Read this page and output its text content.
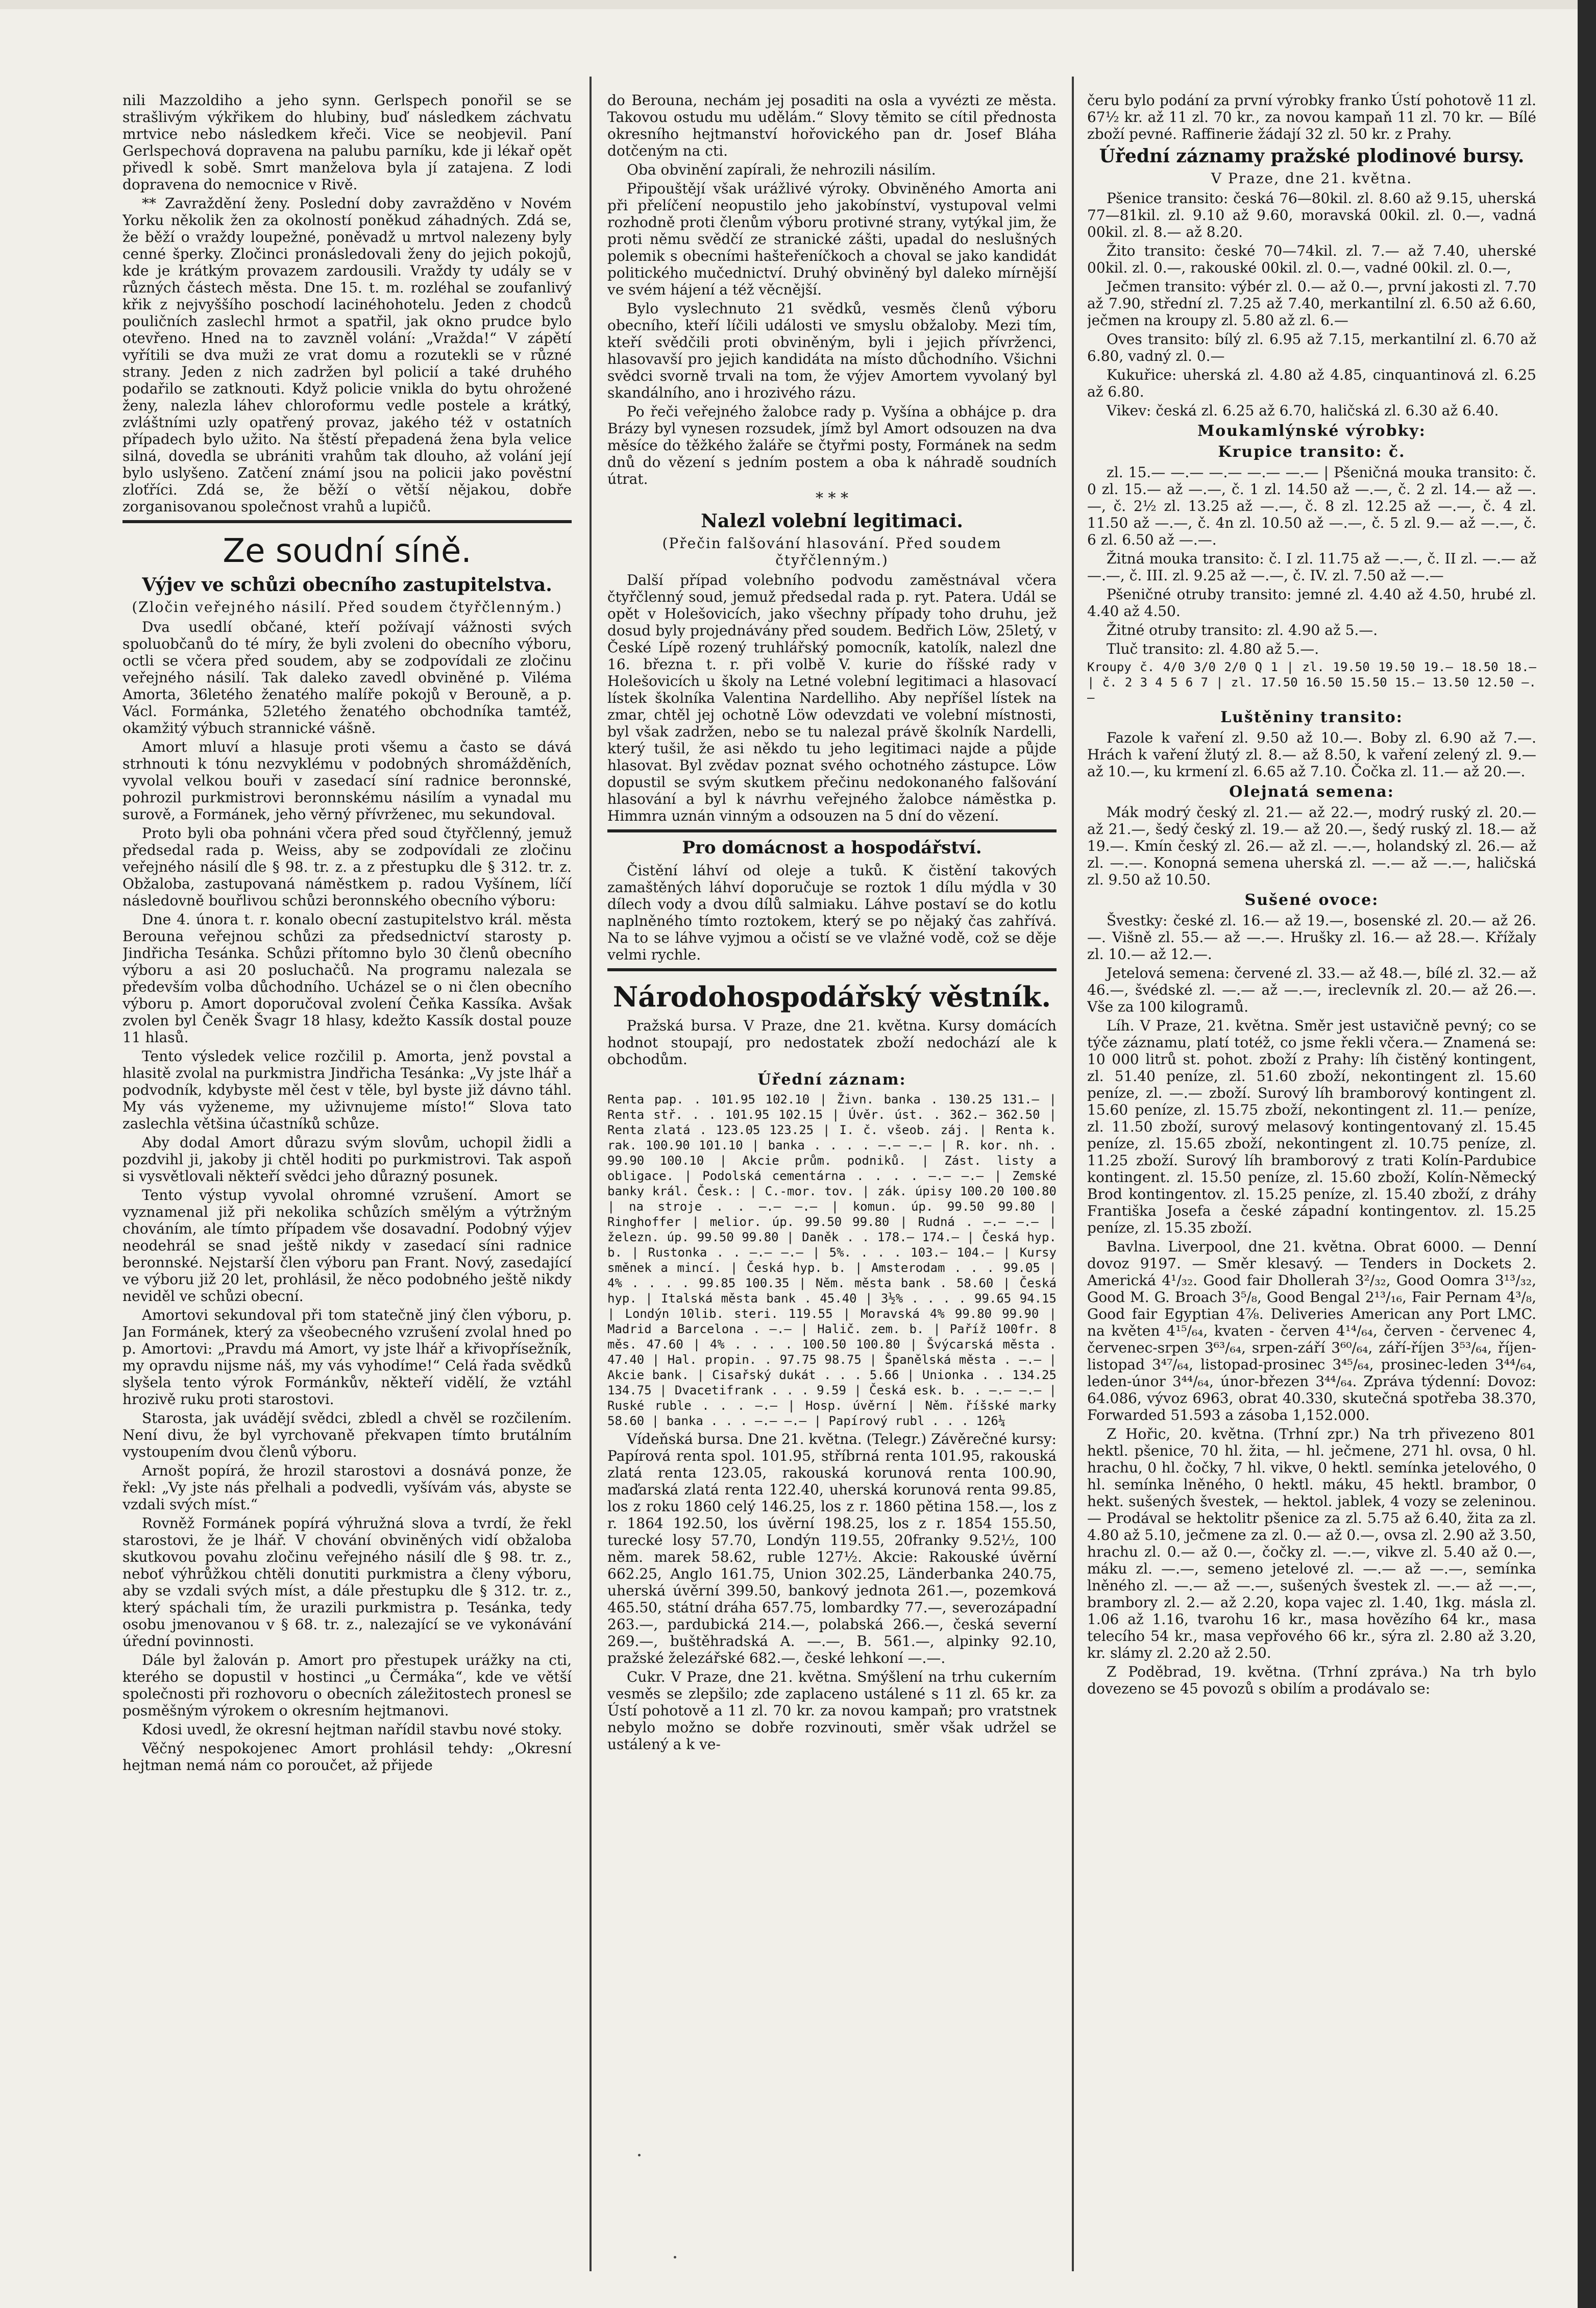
nili Mazzoldiho a jeho synn. Gerlspech ponořil se se strašlivým výkřikem do hlubiny, buď následkem záchvatu mrtvice nebo následkem křeči. Vice se neobjevil. Paní Gerlspechová dopravena na palubu parníku, kde ji lékař opět přivedl k sobě. Smrt manželova byla jí zatajena. Z lodi dopravena do nemocnice v Rivě.

** Zavraždění ženy. Poslední doby zavražděno v Novém Yorku několik žen za okolností poněkud záhadných. Zdá se, že běží o vraždy loupežné, poněvadž u mrtvol nalezeny byly cenné šperky. Zločinci pronásledovali ženy do jejich pokojů, kde je krátkým provazem zardousili. Vraždy ty udály se v různých částech města. Dne 15. t. m. rozléhal se zoufanlivý křik z nejvyššího poschodí lacinéhohotelu. Jeden z chodců pouličních zaslechl hrmot a spatřil, jak okno prudce bylo otevřeno. Hned na to zavzněl volání: „Vražda!“ V zápětí vyřítili se dva muži ze vrat domu a rozutekli se v různé strany. Jeden z nich zadržen byl policií a také druhého podařilo se zatknouti. Když policie vnikla do bytu ohrožené ženy, nalezla láhev chloroformu vedle postele a krátký, zvláštními uzly opatřený provaz, jakého též v ostatních případech bylo užito. Na štěstí přepadená žena byla velice silná, dovedla se ubrániti vrahům tak dlouho, až volání její bylo uslyšeno. Zatčení známí jsou na policii jako pověstní zloťříci. Zdá se, že běží o větší nějakou, dobře zorganisovanou společnost vrahů a lupičů.

Ze soudní síně.
Výjev ve schůzi obecního zastupitelstva.
(Zločin veřejného násilí. Před soudem čtyřčlenným.)

Dva usedlí občané, kteří požívají vážnosti svých spoluobčanů do té míry, že byli zvoleni do obecního výboru, octli se včera před soudem, aby se zodpovídali ze zločinu veřejného násilí. Tak daleko zavedl obviněné p. Viléma Amorta, 36letého ženatého malíře pokojů v Berouně, a p. Václ. Formánka, 52letého ženatého obchodníka tamtéž, okamžitý výbuch strannické vášně.

Amort mluví a hlasuje proti všemu a často se dává strhnouti k tónu nezvyklému v podobných shromážděních, vyvolal velkou bouři v zasedací síní radnice beronnské, pohrozil purkmistrovi beronnskému násilím a vynadal mu surově, a Formánek, jeho věrný přívrženec, mu sekundoval.

Proto byli oba pohnáni včera před soud čtyřčlenný, jemuž předsedal rada p. Weiss, aby se zodpovídali ze zločinu veřejného násilí dle § 98. tr. z. a z přestupku dle § 312. tr. z. Obžaloba, zastupovaná náměstkem p. radou Vyšínem, líčí následovně bouřlivou schůzi beronnského obecního výboru:

Dne 4. února t. r. konalo obecní zastupitelstvo král. města Berouna veřejnou schůzi za předsednictví starosty p. Jindřicha Tesánka. Schůzi přítomno bylo 30 členů obecního výboru a asi 20 posluchačů. Na programu nalezala se především volba důchodního. Ucházel se o ni člen obecního výboru p. Amort doporučoval zvolení Čeňka Kassíka. Avšak zvolen byl Čeněk Švagr 18 hlasy, kdežto Kassík dostal pouze 11 hlasů.

Tento výsledek velice rozčilil p. Amorta, jenž povstal a hlasitě zvolal na purkmistra Jindřicha Tesánka: „Vy jste lhář a podvodník, kdybyste měl čest v těle, byl byste již dávno táhl. My vás vyženeme, my uživnujeme místo!“ Slova tato zaslechla většina účastníků schůze.

Aby dodal Amort důrazu svým slovům, uchopil židli a pozdvihl ji, jakoby ji chtěl hoditi po purkmistrovi. Tak aspoň si vysvětlovali někteří svědci jeho důrazný posunek.

Tento výstup vyvolal ohromné vzrušení. Amort se vyznamenal již při nekolika schůzích smělým a výtržným chováním, ale tímto případem vše dosavadní. Podobný výjev neodehrál se snad ještě nikdy v zasedací síni radnice beronnské. Nejstarší člen výboru pan Frant. Nový, zasedající ve výboru již 20 let, prohlásil, že něco podobného ještě nikdy neviděl ve schůzi obecní.

Amortovi sekundoval při tom statečně jiný člen výboru, p. Jan Formánek, který za všeobecného vzrušení zvolal hned po p. Amortovi: „Pravdu má Amort, vy jste lhář a křivopřísežník, my opravdu nijsme náš, my vás vyhodíme!“ Celá řada svědků slyšela tento výrok Formánkův, někteří vidělí, že vztáhl hrozivě ruku proti starostovi.

Starosta, jak uvádějí svědci, zbledl a chvěl se rozčilením. Není divu, že byl vyrchovaně překvapen tímto brutálním vystoupením dvou členů výboru.

Arnošt popírá, že hrozil starostovi a dosnává ponze, že řekl: „Vy jste nás přelhali a podvedli, vyšívám vás, abyste se vzdali svých míst.“

Rovněž Formánek popírá výhružná slova a tvrdí, že řekl starostovi, že je lhář. V chování obviněných vidí obžaloba skutkovou povahu zločinu veřejného násilí dle § 98. tr. z., neboť výhrůžkou chtěli donutiti purkmistra a členy výboru, aby se vzdali svých míst, a dále přestupku dle § 312. tr. z., který spáchali tím, že urazili purkmistra p. Tesánka, tedy osobu jmenovanou v § 68. tr. z., nalezající se ve vykonávání úřední povinnosti.

Dále byl žalován p. Amort pro přestupek urážky na cti, kterého se dopustil v hostinci „u Čermáka“, kde ve větší společnosti při rozhovoru o obecních záležitostech pronesl se posměšným výrokem o okresním hejtmanovi.

Kdosi uvedl, že okresní hejtman nařídil stavbu nové stoky.

Věčný nespokojenec Amort prohlásil tehdy: „Okresní hejtman nemá nám co poroučet, až přijede

do Berouna, nechám jej posaditi na osla a vyvézti ze města. Takovou ostudu mu udělám.“ Slovy těmito se cítil přednosta okresního hejtmanství hořovického pan dr. Josef Bláha dotčeným na cti.

Oba obvinění zapírali, že nehrozili násilím.

Připouštějí však urážlivé výroky. Obviněného Amorta ani při přelíčení neopustilo jeho jakobínství, vystupoval velmi rozhodně proti členům výboru protivné strany, vytýkal jim, že proti němu svědčí ze stranické zášti, upadal do neslušných polemik s obecními hašteřeníčkoch a choval se jako kandidát politického mučednictví. Druhý obviněný byl daleko mírnější ve svém hájení a též věcnější.

Bylo vyslechnuto 21 svědků, vesměs členů výboru obecního, kteří líčili události ve smyslu obžaloby. Mezi tím, kteří svědčili proti obviněným, byli i jejich přívrženci, hlasovavší pro jejich kandidáta na místo důchodního. Všichni svědci svorně trvali na tom, že výjev Amortem vyvolaný byl skandálního, ano i hrozivého rázu.

Po řeči veřejného žalobce rady p. Vyšína a obhájce p. dra Brázy byl vynesen rozsudek, jímž byl Amort odsouzen na dva měsíce do těžkého žaláře se čtyřmi posty, Formánek na sedm dnů do vězení s jedním postem a oba k náhradě soudních útrat.

* * *
Nalezl volební legitimaci.
(Přečin falšování hlasování. Před soudem čtyřčlenným.)

Další případ volebního podvodu zaměstnával včera čtyřčlenný soud, jemuž předsedal rada p. ryt. Patera. Udál se opět v Holešovicích, jako všechny případy toho druhu, jež dosud byly projednávány před soudem. Bedřich Löw, 25letý, v České Lípě rozený truhlářský pomocník, katolík, nalezl dne 16. března t. r. při volbě V. kurie do říšské rady v Holešovicích u školy na Letné volební legitimaci a hlasovací lístek školníka Valentina Nardelliho. Aby nepříšel lístek na zmar, chtěl jej ochotně Löw odevzdati ve volební místnosti, byl však zadržen, nebo se tu nalezal právě školník Nardelli, který tušil, že asi někdo tu jeho legitimaci najde a půjde hlasovat. Byl zvědav poznat svého ochotného zástupce. Löw dopustil se svým skutkem přečinu nedokonaného falšování hlasování a byl k návrhu veřejného žalobce náměstka p. Himmra uznán vinným a odsouzen na 5 dní do vězení.

Pro domácnost a hospodářství.

Čistění láhví od oleje a tuků. K čistění takových zamaštěných láhví doporučuje se roztok 1 dílu mýdla v 30 dílech vody a dvou dílů salmiaku. Láhve postaví se do kotlu naplněného tímto roztokem, který se po nějaký čas zahřívá. Na to se láhve vyjmou a očistí se ve vlažné vodě, což se děje velmi rychle.

Národohospodářský věstník.

Pražská bursa. V Praze, dne 21. května. Kursy domácích hodnot stoupají, pro nedostatek zboží nedochází ale k obchodům.

Úřední záznam:

Renta pap. . 101.95 102.10 | Živn. banka . 130.25 131.— | Renta stř. . . 101.95 102.15 | Úvěr. úst. . 362.— 362.50 | Renta zlatá . 123.05 123.25 | I. č. všeob. záj. | Renta k. rak. 100.90 101.10 | banka . . . . —.— —.— | R. kor. nh. . 99.90 100.10 | Akcie prům. podniků. | Zást. listy a obligace. | Podolská cementárna . . . . —.— —.— | Zemské banky král. Česk.: | C.-mor. tov. | zák. úpisy 100.20 100.80 | na stroje . . —.— —.— | komun. úp. 99.50 99.80 | Ringhoffer | melior. úp. 99.50 99.80 | Rudná . —.— —.— | železn. úp. 99.50 99.80 | Daněk . . 178.— 174.— | Česká hyp. b. | Rustonka . . —.— —.— | 5%. . . . 103.— 104.— | Kursy směnek a mincí. | Česká hyp. b. | Amsterodam . . . 99.05 | 4% . . . . 99.85 100.35 | Něm. města bank . 58.60 | Česká hyp. | Italská města bank . 45.40 | 3½% . . . . 99.65 94.15 | Londýn 10lib. steri. 119.55 | Moravská 4% 99.80 99.90 | Madrid a Barcelona . —.— | Halič. zem. b. | Paříž 100fr. 8 měs. 47.60 | 4% . . . . 100.50 100.80 | Švýcarská města . 47.40 | Hal. propin. . 97.75 98.75 | Španělská města . —.— | Akcie bank. | Cisařský dukát . . . 5.66 | Unionka . . 134.25 134.75 | Dvacetifrank . . . 9.59 | Česká esk. b. . —.— —.— | Ruské ruble . . . —.— | Hosp. úvěrní | Něm. říšské marky 58.60 | banka . . . —.— —.— | Papírový rubl . . . 126¼

Vídeňská bursa. Dne 21. května. (Telegr.) Závěrečné kursy: Papírová renta spol. 101.95, stříbrná renta 101.95, rakouská zlatá renta 123.05, rakouská korunová renta 100.90, maďarská zlatá renta 122.40, uherská korunová renta 99.85, los z roku 1860 celý 146.25, los z r. 1860 pětina 158.—, los z r. 1864 192.50, los úvěrní 198.25, los z r. 1854 155.50, turecké losy 57.70, Londýn 119.55, 20franky 9.52½, 100 něm. marek 58.62, ruble 127½. Akcie: Rakouské úvěrní 662.25, Anglo 161.75, Union 302.25, Länderbanka 240.75, uherská úvěrní 399.50, bankový jednota 261.—, pozemková 465.50, státní dráha 657.75, lombardky 77.—, severozápadní 263.—, pardubická 214.—, polabská 266.—, česká severní 269.—, buštěhradská A. —.—, B. 561.—, alpinky 92.10, pražské železářské 682.—, české lehkoní —.—.

Cukr. V Praze, dne 21. května. Smýšlení na trhu cukerním vesměs se zlepšilo; zde zaplaceno ustálené s 11 zl. 65 kr. za Ústí pohotově a 11 zl. 70 kr. za novou kampaň; pro vratstnek nebylo možno se dobře rozvinouti, směr však udržel se ustálený a k ve-

čeru bylo podání za první výrobky franko Ústí pohotově 11 zl. 67½ kr. až 11 zl. 70 kr., za novou kampaň 11 zl. 70 kr. — Bílé zboží pevné. Raffinerie žádají 32 zl. 50 kr. z Prahy.

Úřední záznamy pražské plodinové bursy.
V Praze, dne 21. května.

Pšenice transito: česká 76—80kil. zl. 8.60 až 9.15, uherská 77—81kil. zl. 9.10 až 9.60, moravská 00kil. zl. 0.—, vadná 00kil. zl. 8.— až 8.20.

Žito transito: české 70—74kil. zl. 7.— až 7.40, uherské 00kil. zl. 0.—, rakouské 00kil. zl. 0.—, vadné 00kil. zl. 0.—,

Ječmen transito: výbér zl. 0.— až 0.—, první jakosti zl. 7.70 až 7.90, střední zl. 7.25 až 7.40, merkantilní zl. 6.50 až 6.60, ječmen na kroupy zl. 5.80 až zl. 6.—

Oves transito: bílý zl. 6.95 až 7.15, merkantilní zl. 6.70 až 6.80, vadný zl. 0.—

Kukuřice: uherská zl. 4.80 až 4.85, cinquantinová zl. 6.25 až 6.80.

Vikev: česká zl. 6.25 až 6.70, haličská zl. 6.30 až 6.40.

Moukamlýnské výrobky:
Krupice transito: č.

zl. 15.— —.— —.— —.— —.— | Pšeničná mouka transito: č. 0 zl. 15.— až —.—, č. 1 zl. 14.50 až —.—, č. 2 zl. 14.— až —.—, č. 2½ zl. 13.25 až —.—, č. 8 zl. 12.25 až —.—, č. 4 zl. 11.50 až —.—, č. 4n zl. 10.50 až —.—, č. 5 zl. 9.— až —.—, č. 6 zl. 6.50 až —.—.

Žitná mouka transito: č. I zl. 11.75 až —.—, č. II zl. —.— až —.—, č. III. zl. 9.25 až —.—, č. IV. zl. 7.50 až —.—

Pšeničné otruby transito: jemné zl. 4.40 až 4.50, hrubé zl. 4.40 až 4.50.

Žitné otruby transito: zl. 4.90 až 5.—.

Tluč transito: zl. 4.80 až 5.—.

Kroupy č. 4/0 3/0 2/0 Q 1 | zl. 19.50 19.50 19.— 18.50 18.— | č. 2 3 4 5 6 7 | zl. 17.50 16.50 15.50 15.— 13.50 12.50 —.—

Luštěniny transito:

Fazole k vaření zl. 9.50 až 10.—. Boby zl. 6.90 až 7.—. Hrách k vaření žlutý zl. 8.— až 8.50, k vaření zelený zl. 9.— až 10.—, ku krmení zl. 6.65 až 7.10. Čočka zl. 11.— až 20.—.

Olejnatá semena:

Mák modrý český zl. 21.— až 22.—, modrý ruský zl. 20.— až 21.—, šedý český zl. 19.— až 20.—, šedý ruský zl. 18.— až 19.—. Kmín český zl. 26.— až zl. —.—, holandský zl. 26.— až zl. —.—. Konopná semena uherská zl. —.— až —.—, haličská zl. 9.50 až 10.50.

Sušené ovoce:

Švestky: české zl. 16.— až 19.—, bosenské zl. 20.— až 26.—. Višně zl. 55.— až —.—. Hrušky zl. 16.— až 28.—. Křížaly zl. 10.— až 12.—.

Jetelová semena: červené zl. 33.— až 48.—, bílé zl. 32.— až 46.—, švédské zl. —.— až —.—, ireclevník zl. 20.— až 26.—. Vše za 100 kilogramů.

Líh. V Praze, 21. května. Směr jest ustavičně pevný; co se týče záznamu, platí totéž, co jsme řekli včera.— Znamená se: 10 000 litrů st. pohot. zboží z Prahy: líh čistěný kontingent, zl. 51.40 peníze, zl. 51.60 zboží, nekontingent zl. 15.60 peníze, zl. —.— zboží. Surový líh bramborový kontingent zl. 15.60 peníze, zl. 15.75 zboží, nekontingent zl. 11.— peníze, zl. 11.50 zboží, surový melasový kontingentovaný zl. 15.45 peníze, zl. 15.65 zboží, nekontingent zl. 10.75 peníze, zl. 11.25 zboží. Surový líh bramborový z trati Kolín-Pardubice kontingent. zl. 15.50 peníze, zl. 15.60 zboží, Kolín-Německý Brod kontingentov. zl. 15.25 peníze, zl. 15.40 zboží, z dráhy Františka Josefa a české západní kontingentov. zl. 15.25 peníze, zl. 15.35 zboží.

Bavlna. Liverpool, dne 21. května. Obrat 6000. — Denní dovoz 9197. — Směr klesavý. — Tenders in Dockets 2. Americká 4¹/₃₂. Good fair Dhollerah 3²/₃₂, Good Oomra 3¹³/₃₂, Good M. G. Broach 3⁵/₈, Good Bengal 2¹³/₁₆, Fair Pernam 4³/₈, Good fair Egyptian 4⅞. Deliveries American any Port LMC. na květen 4¹⁵/₆₄, kvaten - červen 4¹⁴/₆₄, červen - červenec 4, červenec-srpen 3⁶³/₆₄, srpen-září 3⁶⁰/₆₄, září-říjen 3⁵³/₆₄, říjen-listopad 3⁴⁷/₆₄, listopad-prosinec 3⁴⁵/₆₄, prosinec-leden 3⁴⁴/₆₄, leden-únor 3⁴⁴/₆₄, únor-březen 3⁴⁴/₆₄. Zpráva týdenní: Dovoz: 64.086, vývoz 6963, obrat 40.330, skutečná spotřeba 38.370, Forwarded 51.593 a zásoba 1,152.000.

Z Hořic, 20. května. (Trhní zpr.) Na trh přivezeno 801 hektl. pšenice, 70 hl. žita, — hl. ječmene, 271 hl. ovsa, 0 hl. hrachu, 0 hl. čočky, 7 hl. vikve, 0 hektl. semínka jetelového, 0 hl. semínka lněného, 0 hektl. máku, 45 hektl. brambor, 0 hekt. sušených švestek, — hektol. jablek, 4 vozy se zeleninou. — Prodával se hektolitr pšenice za zl. 5.75 až 6.40, žita za zl. 4.80 až 5.10, ječmene za zl. 0.— až 0.—, ovsa zl. 2.90 až 3.50, hrachu zl. 0.— až 0.—, čočky zl. —.—, vikve zl. 5.40 až 0.—, máku zl. —.—, semeno jetelové zl. —.— až —.—, semínka lněného zl. —.— až —.—, sušených švestek zl. —.— až —.—, brambory zl. 2.— až 2.20, kopa vajec zl. 1.40, 1kg. másla zl. 1.06 až 1.16, tvarohu 16 kr., masa hovězího 64 kr., masa telecího 54 kr., masa vepřového 66 kr., sýra zl. 2.80 až 3.20, kr. slámy zl. 2.20 až 2.50.

Z Poděbrad, 19. května. (Trhní zpráva.) Na trh bylo dovezeno se 45 povozů s obilím a prodávalo se:
